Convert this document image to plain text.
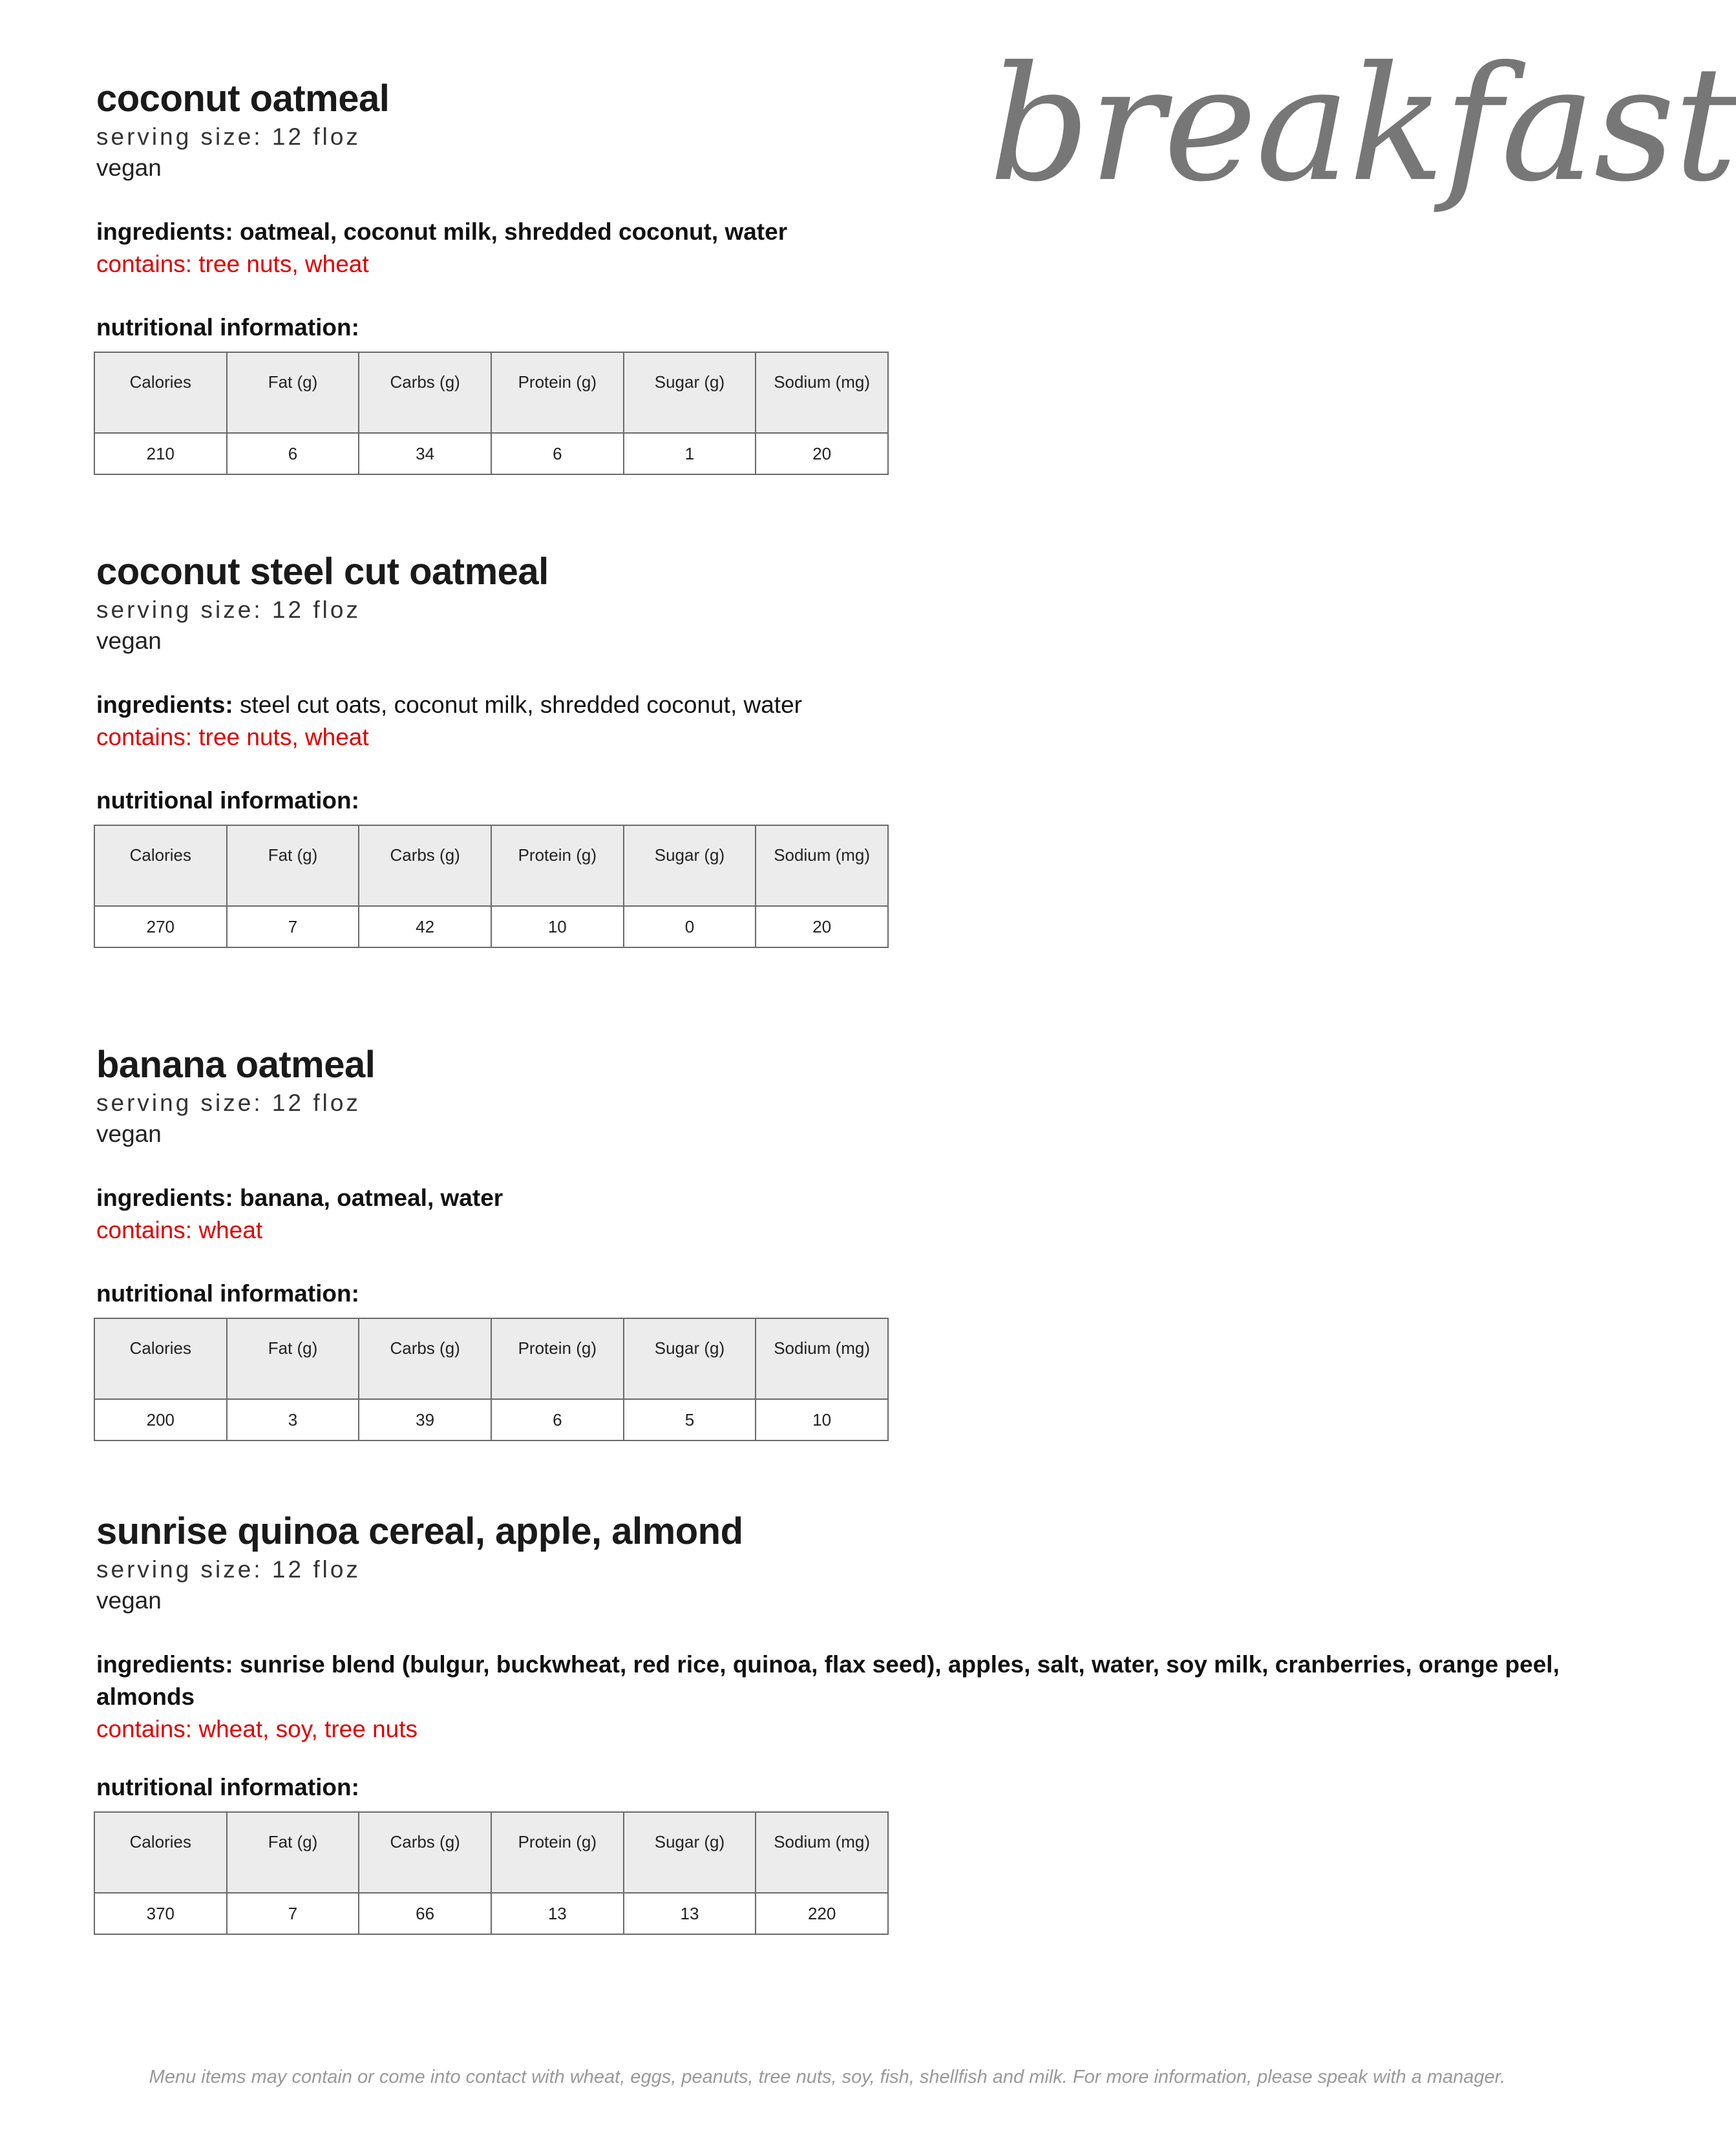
breakfast
coconut oatmeal
serving size: 12 floz
vegan
ingredients: oatmeal, coconut milk, shredded coconut, water
contains: tree nuts, wheat
nutritional information:
Calories	Fat (g)	Carbs (g)	Protein (g)	Sugar (g)	Sodium (mg)
210	6	34	6	1	20
coconut steel cut oatmeal
serving size: 12 floz
vegan
ingredients: steel cut oats, coconut milk, shredded coconut, water
contains: tree nuts, wheat
nutritional information:
Calories	Fat (g)	Carbs (g)	Protein (g)	Sugar (g)	Sodium (mg)
270	7	42	10	0	20
banana oatmeal
serving size: 12 floz
vegan
ingredients: banana, oatmeal, water
contains: wheat
nutritional information:
Calories	Fat (g)	Carbs (g)	Protein (g)	Sugar (g)	Sodium (mg)
200	3	39	6	5	10
sunrise quinoa cereal, apple, almond
serving size: 12 floz
vegan
ingredients: sunrise blend (bulgur, buckwheat, red rice, quinoa, flax seed), apples, salt, water, soy milk, cranberries, orange peel, almonds
contains: wheat, soy, tree nuts
nutritional information:
Calories	Fat (g)	Carbs (g)	Protein (g)	Sugar (g)	Sodium (mg)
370	7	66	13	13	220
Menu items may contain or come into contact with wheat, eggs, peanuts, tree nuts, soy, fish, shellfish and milk. For more information, please speak with a manager.
